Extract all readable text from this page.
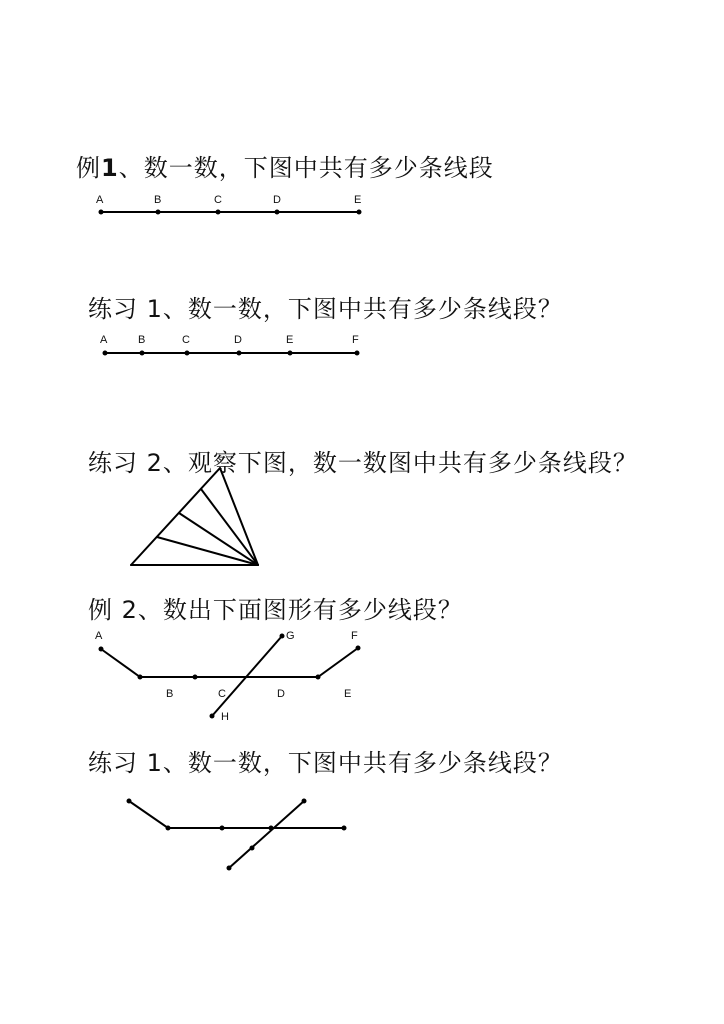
例1、数一数，下图中共有多少条线段
A	B	C	D	E
练习 1、数一数，下图中共有多少条线段？
A	B	C	D	E	F
练习 2、观察下图，数一数图中共有多少条线段？
例 2、数出下面图形有多少线段？
A
B	C	D	E
F
G
H
练习 1、数一数，下图中共有多少条线段？
